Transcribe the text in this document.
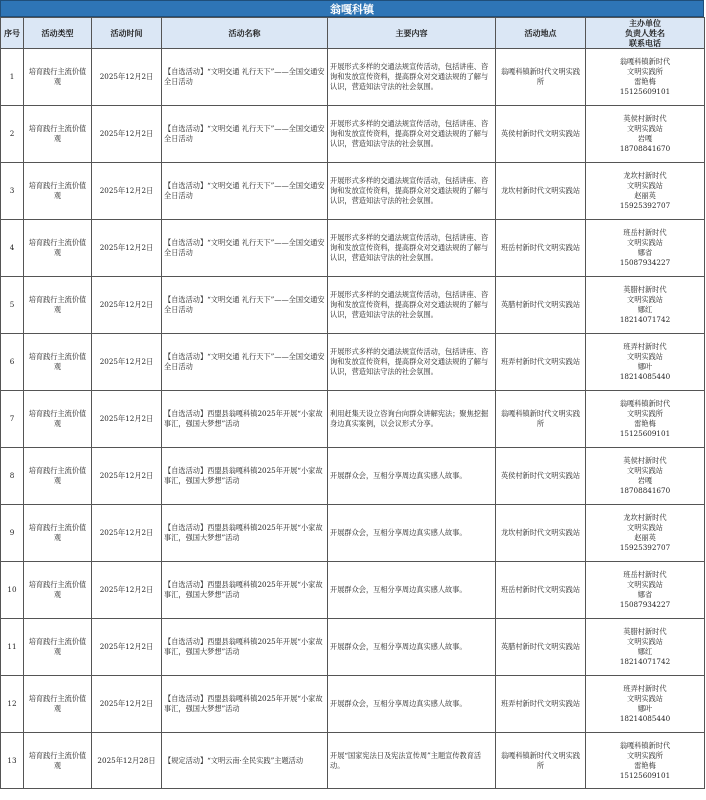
翁嘎科镇
序号	活动类型	活动时间	活动名称	主要内容	活动地点	主办单位
负责人姓名
联系电话

1	培育践行主流价值观	2025年12月2日	【自选活动】“文明交通 礼行天下”——全国交通安全日活动	开展形式多样的交通法规宣传活动，包括讲座、咨询和发放宣传资料，提高群众对交通法规的了解与认识，营造知法守法的社会氛围。	翁嘎科镇新时代文明实践所	翁嘎科镇新时代
文明实践所
雷艳梅
15125609101

2	培育践行主流价值观	2025年12月2日	【自选活动】“文明交通 礼行天下”——全国交通安全日活动	开展形式多样的交通法规宣传活动，包括讲座、咨询和发放宣传资料，提高群众对交通法规的了解与认识，营造知法守法的社会氛围。	英侯村新时代文明实践站	英侯村新时代
文明实践站
岩嘎
18708841670

3	培育践行主流价值观	2025年12月2日	【自选活动】“文明交通 礼行天下”——全国交通安全日活动	开展形式多样的交通法规宣传活动，包括讲座、咨询和发放宣传资料，提高群众对交通法规的了解与认识，营造知法守法的社会氛围。	龙坎村新时代文明实践站	龙坎村新时代
文明实践站
赵丽英
15925392707

4	培育践行主流价值观	2025年12月2日	【自选活动】“文明交通 礼行天下”——全国交通安全日活动	开展形式多样的交通法规宣传活动，包括讲座、咨询和发放宣传资料，提高群众对交通法规的了解与认识，营造知法守法的社会氛围。	班岳村新时代文明实践站	班岳村新时代
文明实践站
娜省
15087934227

5	培育践行主流价值观	2025年12月2日	【自选活动】“文明交通 礼行天下”——全国交通安全日活动	开展形式多样的交通法规宣传活动，包括讲座、咨询和发放宣传资料，提高群众对交通法规的了解与认识，营造知法守法的社会氛围。	英腊村新时代文明实践站	英腊村新时代
文明实践站
娜红
18214071742

6	培育践行主流价值观	2025年12月2日	【自选活动】“文明交通 礼行天下”——全国交通安全日活动	开展形式多样的交通法规宣传活动，包括讲座、咨询和发放宣传资料，提高群众对交通法规的了解与认识，营造知法守法的社会氛围。	班弄村新时代文明实践站	班弄村新时代
文明实践站
娜叶
18214085440

7	培育践行主流价值观	2025年12月2日	【自选活动】西盟县翁嘎科镇2025年开展“小家故事汇，强国大梦想”活动	利用赶集天设立咨询台向群众讲解宪法；聚焦挖掘身边真实案例，以会议形式分享。	翁嘎科镇新时代文明实践所	翁嘎科镇新时代
文明实践所
雷艳梅
15125609101

8	培育践行主流价值观	2025年12月2日	【自选活动】西盟县翁嘎科镇2025年开展“小家故事汇，强国大梦想”活动	开展群众会，互相分享周边真实感人故事。	英侯村新时代文明实践站	英侯村新时代
文明实践站
岩嘎
18708841670

9	培育践行主流价值观	2025年12月2日	【自选活动】西盟县翁嘎科镇2025年开展“小家故事汇，强国大梦想”活动	开展群众会，互相分享周边真实感人故事。	龙坎村新时代文明实践站	龙坎村新时代
文明实践站
赵丽英
15925392707

10	培育践行主流价值观	2025年12月2日	【自选活动】西盟县翁嘎科镇2025年开展“小家故事汇，强国大梦想”活动	开展群众会，互相分享周边真实感人故事。	班岳村新时代文明实践站	班岳村新时代
文明实践站
娜省
15087934227

11	培育践行主流价值观	2025年12月2日	【自选活动】西盟县翁嘎科镇2025年开展“小家故事汇，强国大梦想”活动	开展群众会，互相分享周边真实感人故事。	英腊村新时代文明实践站	英腊村新时代
文明实践站
娜红
18214071742

12	培育践行主流价值观	2025年12月2日	【自选活动】西盟县翁嘎科镇2025年开展“小家故事汇，强国大梦想”活动	开展群众会，互相分享周边真实感人故事。	班弄村新时代文明实践站	班弄村新时代
文明实践站
娜叶
18214085440

13	培育践行主流价值观	2025年12月28日	【规定活动】“文明云南·全民实践”主题活动	开展“国家宪法日及宪法宣传周”主题宣传教育活动。	翁嘎科镇新时代文明实践所	翁嘎科镇新时代
文明实践所
雷艳梅
15125609101
